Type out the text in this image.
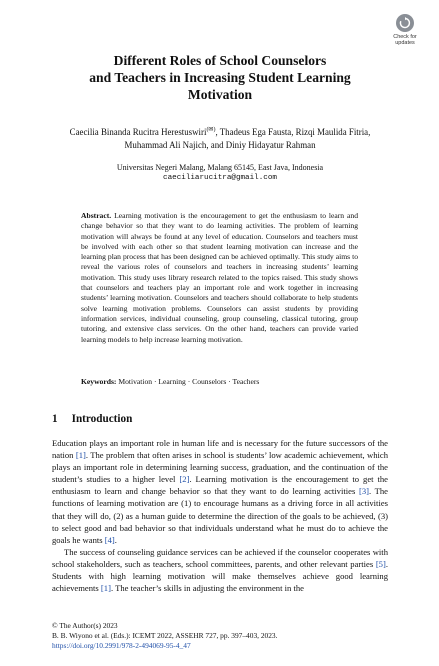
Check for
updates
Different Roles of School Counselors
and Teachers in Increasing Student Learning
Motivation
Caecilia Binanda Rucitra Herestuswiri(✉), Thadeus Ega Fausta, Rizqi Maulida Fitria,
Muhammad Ali Najich, and Diniy Hidayatur Rahman
Universitas Negeri Malang, Malang 65145, East Java, Indonesia
caeciliarucitra@gmail.com

Abstract. Learning motivation is the encouragement to get the enthusiasm to learn and change behavior so that they want to do learning activities. The problem of learning motivation will always be found at any level of education. Counselors and teachers must be involved with each other so that student learning motivation can increase and the learning plan process that has been designed can be achieved optimally. This study aims to reveal the various roles of counselors and teachers in increasing students’ learning motivation. This study uses library research related to the topics raised. This study shows that counselors and teachers play an important role and work together in increasing students’ learning motivation. Counselors and teachers should collaborate to help students solve learning motivation problems. Counselors can assist students by providing information services, individual counseling, group counseling, classical tutoring, group tutoring, and extensive class services. On the other hand, teachers can provide varied learning models to help increase learning motivation.

Keywords: Motivation · Learning · Counselors · Teachers
1 Introduction

Education plays an important role in human life and is necessary for the future successors of the nation [1]. The problem that often arises in school is students’ low academic achievement, which plays an important role in determining learning success, graduation, and the continuation of the student’s studies to a higher level [2]. Learning motivation is the encouragement to get the enthusiasm to learn and change behavior so that they want to do learning activities [3]. The functions of learning motivation are (1) to encourage humans as a driving force in all activities that they will do, (2) as a human guide to determine the direction of the goals to be achieved, (3) to select good and bad behavior so that individuals understand what he must do to achieve the goals he wants [4].

The success of counseling guidance services can be achieved if the counselor cooperates with school stakeholders, such as teachers, school committees, parents, and other relevant parties [5]. Students with high learning motivation will make themselves achieve good learning achievements [1]. The teacher’s skills in adjusting the environment in the

© The Author(s) 2023
B. B. Wiyono et al. (Eds.): ICEMT 2022, ASSEHR 727, pp. 397–403, 2023.
https://doi.org/10.2991/978-2-494069-95-4_47
